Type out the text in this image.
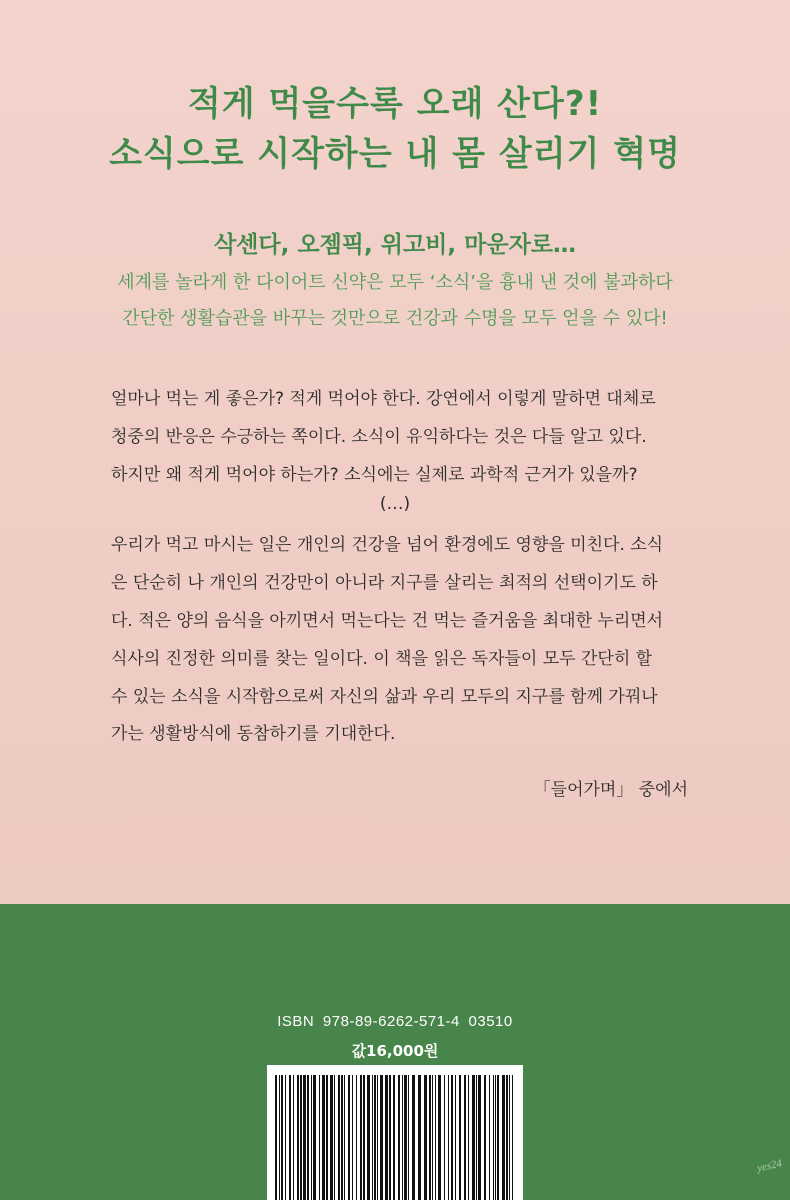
적게 먹을수록 오래 산다?!
소식으로 시작하는 내 몸 살리기 혁명
삭센다, 오젬픽, 위고비, 마운자로…
세계를 놀라게 한 다이어트 신약은 모두 ‘소식’을 흉내 낸 것에 불과하다
간단한 생활습관을 바꾸는 것만으로 건강과 수명을 모두 얻을 수 있다!
얼마나 먹는 게 좋은가? 적게 먹어야 한다. 강연에서 이렇게 말하면 대체로
청중의 반응은 수긍하는 쪽이다. 소식이 유익하다는 것은 다들 알고 있다.
하지만 왜 적게 먹어야 하는가? 소식에는 실제로 과학적 근거가 있을까?
(…)
우리가 먹고 마시는 일은 개인의 건강을 넘어 환경에도 영향을 미친다. 소식
은 단순히 나 개인의 건강만이 아니라 지구를 살리는 최적의 선택이기도 하
다. 적은 양의 음식을 아끼면서 먹는다는 건 먹는 즐거움을 최대한 누리면서
식사의 진정한 의미를 찾는 일이다. 이 책을 읽은 독자들이 모두 간단히 할
수 있는 소식을 시작함으로써 자신의 삶과 우리 모두의 지구를 함께 가꿔나
가는 생활방식에 동참하기를 기대한다.
「들어가며」 중에서
ISBN 978-89-6262-571-4 03510
값16,000원
yes24
